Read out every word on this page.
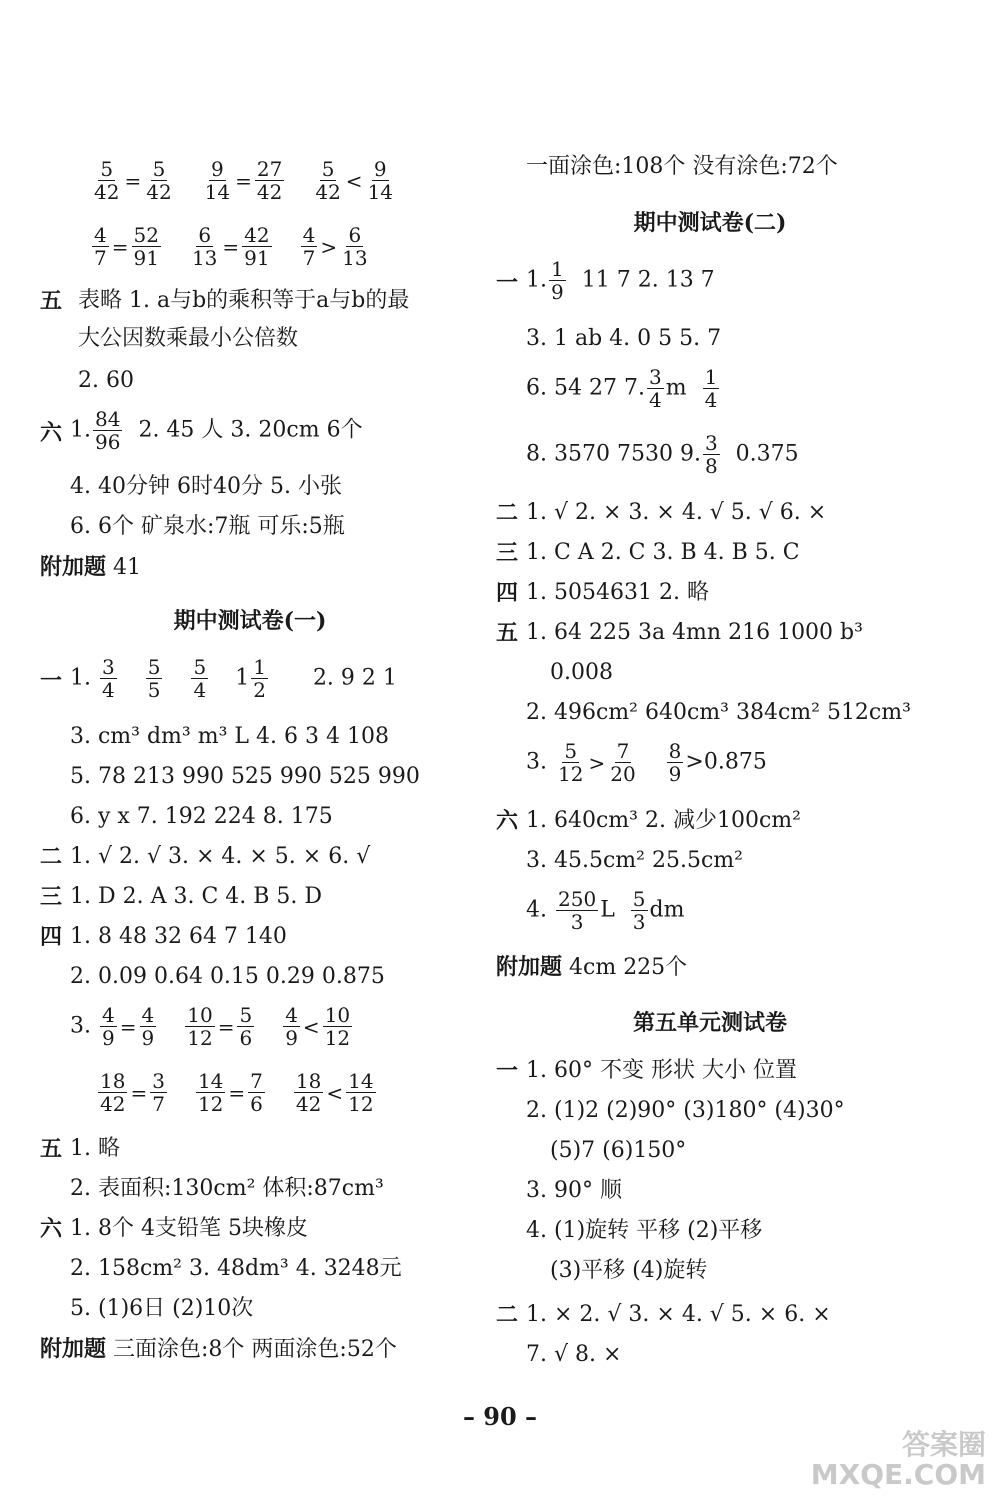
$\frac{5}{42} = \frac{5}{42}$
$\frac{9}{14} = \frac{27}{42}$
$\frac{5}{42} < \frac{9}{14}$
$\frac{4}{7} = \frac{52}{91}$
$\frac{6}{13} = \frac{42}{91}$
$\frac{4}{7} > \frac{6}{13}$
五 表略 1. a与b的乘积等于a与b的最
大公因数乘最小公倍数
2. 60
六 1. $\frac{84}{96} 2$. 45 人 3. 20cm 6个
4. 40分钟 6时40分 5. 小张
6. 6个 矿泉水:7瓶 可乐:5瓶
附加题 41
期中测试卷(一)
一 1. $\frac{3}{4}$
$\frac{5}{5}$
$\frac{5}{4} 1 \frac{1}{2} 2$. 9 2 1
3. cm³ dm³ m³ L 4. 6 3 4 108
5. 78 213 990 525 990 525 990
6. y x 7. 192 224 8. 175
二 1. √ 2. √ 3. × 4. × 5. × 6. √
三 1. D 2. A 3. C 4. B 5. D
四 1. 8 48 32 64 7 140
2. 0.09 0.64 0.15 0.29 0.875
3. $\frac{4}{9} = \frac{4}{9}$
$\frac{10}{12} = \frac{5}{6}$
$\frac{4}{9} < \frac{10}{12}$
$\frac{18}{42} = \frac{3}{7}$
$\frac{14}{12} = \frac{7}{6}$
$\frac{18}{42} < \frac{14}{12}$
五 1. 略
2. 表面积:130cm² 体积:87cm³
六 1. 8个 4支铅笔 5块橡皮
2. 158cm² 3. 48dm³ 4. 3248元
5. (1)6日 (2)10次
附加题 三面涂色:8个 两面涂色:52个
一面涂色:108个 没有涂色:72个
期中测试卷(二)
一 1. $\frac{1}{9} 11$ 7 2. 13 7
3. 1 ab 4. 0 5 5. 7
6. 54 27 7. $\frac{3}{4}$ m $\frac{1}{4}$
8. 3570 7530 9. $\frac{3}{8} 0.375$
二 1. √ 2. × 3. × 4. √ 5. √ 6. ×
三 1. C A 2. C 3. B 4. B 5. C
四 1. 5054631 2. 略
五 1. 64 225 3a 4mn 216 1000 b³
0.008
2. 496cm² 640cm³ 384cm² 512cm³
3. $\frac{5}{12} > \frac{7}{20}$
$\frac{8}{9} >0.875$
六 1. 640cm³ 2. 减少100cm²
3. 45.5cm² 25.5cm²
4. $\frac{250}{3}$ L $\frac{5}{3}$ dm
附加题 4cm 225个
第五单元测试卷
一 1. 60° 不变 形状 大小 位置
2. (1)2 (2)90° (3)180° (4)30°
(5)7 (6)150°
3. 90° 顺
4. (1)旋转 平移 (2)平移
(3)平移 (4)旋转
二 1. × 2. √ 3. × 4. √ 5. × 6. ×
7. √ 8. ×
– 90 –
答案圈
MXQE.COM
